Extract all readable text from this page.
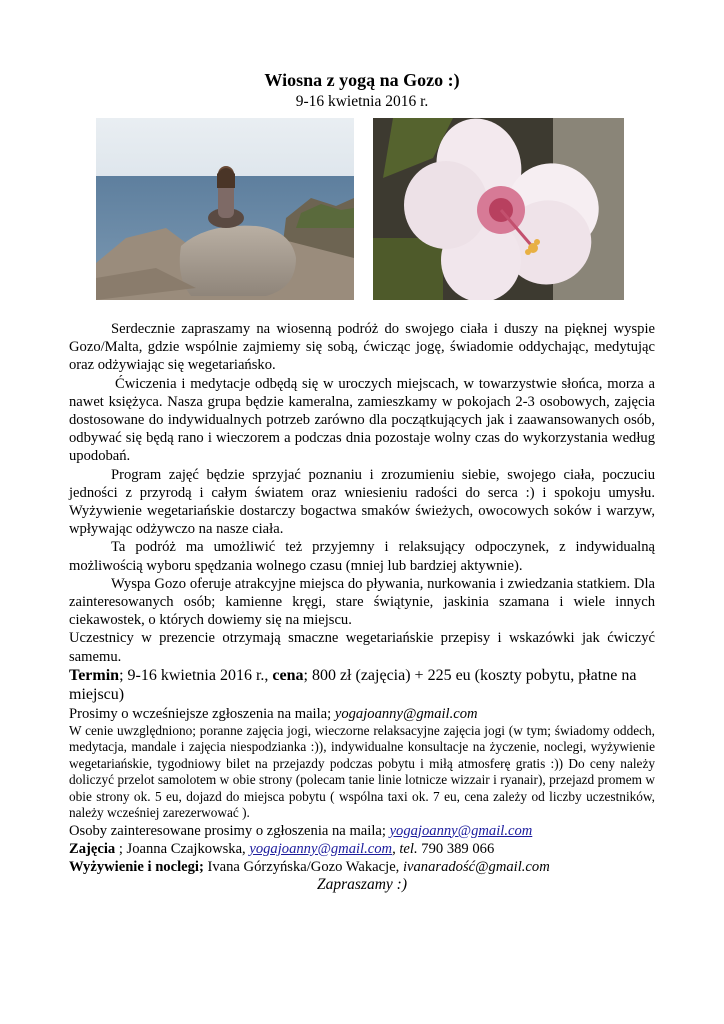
Wiosna z yogą na Gozo :)
9-16 kwietnia 2016 r.

Serdecznie zapraszamy na wiosenną podróż do swojego ciała i duszy na pięknej wyspie Gozo/Malta, gdzie wspólnie zajmiemy się sobą, ćwicząc jogę, świadomie oddychając, medytując oraz odżywiając się wegetariańsko.

Ćwiczenia i medytacje odbędą się w uroczych miejscach, w towarzystwie słońca, morza a nawet księżyca. Nasza grupa będzie kameralna, zamieszkamy w pokojach 2-3 osobowych, zajęcia dostosowane do indywidualnych potrzeb zarówno dla początkujących jak i zaawansowanych osób, odbywać się będą rano i wieczorem a podczas dnia pozostaje wolny czas do wykorzystania według upodobań.

Program zajęć będzie sprzyjać poznaniu i zrozumieniu siebie, swojego ciała, poczuciu jedności z przyrodą i całym światem oraz wniesieniu radości do serca :) i spokoju umysłu. Wyżywienie wegetariańskie dostarczy bogactwa smaków świeżych, owocowych soków i warzyw, wpływając odżywczo na nasze ciała.

Ta podróż ma umożliwić też przyjemny i relaksujący odpoczynek, z indywidualną możliwością wyboru spędzania wolnego czasu (mniej lub bardziej aktywnie).

Wyspa Gozo oferuje atrakcyjne miejsca do pływania, nurkowania i zwiedzania statkiem. Dla zainteresowanych osób; kamienne kręgi, stare świątynie, jaskinia szamana i wiele innych ciekawostek, o których dowiemy się na miejscu.

Uczestnicy w prezencie otrzymają smaczne wegetariańskie przepisy i wskazówki jak ćwiczyć samemu.

Termin; 9-16 kwietnia 2016 r., cena; 800 zł (zajęcia) + 225 eu (koszty pobytu, płatne na miejscu)

Prosimy o wcześniejsze zgłoszenia na maila; yogajoanny@gmail.com

W cenie uwzględniono; poranne zajęcia jogi, wieczorne relaksacyjne zajęcia jogi (w tym; świadomy oddech, medytacja, mandale i zajęcia niespodzianka :)), indywidualne konsultacje na życzenie, noclegi, wyżywienie wegetariańskie, tygodniowy bilet na przejazdy podczas pobytu i miłą atmosferę gratis :)) Do ceny należy doliczyć przelot samolotem w obie strony (polecam tanie linie lotnicze wizzair i ryanair), przejazd promem w obie strony ok. 5 eu, dojazd do miejsca pobytu ( wspólna taxi ok. 7 eu, cena zależy od liczby uczestników, należy wcześniej zarezerwować ).

Osoby zainteresowane prosimy o zgłoszenia na maila; yogajoanny@gmail.com

Zajęcia ; Joanna Czajkowska, yogajoanny@gmail.com, tel. 790 389 066

Wyżywienie i noclegi; Ivana Górzyńska/Gozo Wakacje, ivanaradość@gmail.com

Zapraszamy :)
